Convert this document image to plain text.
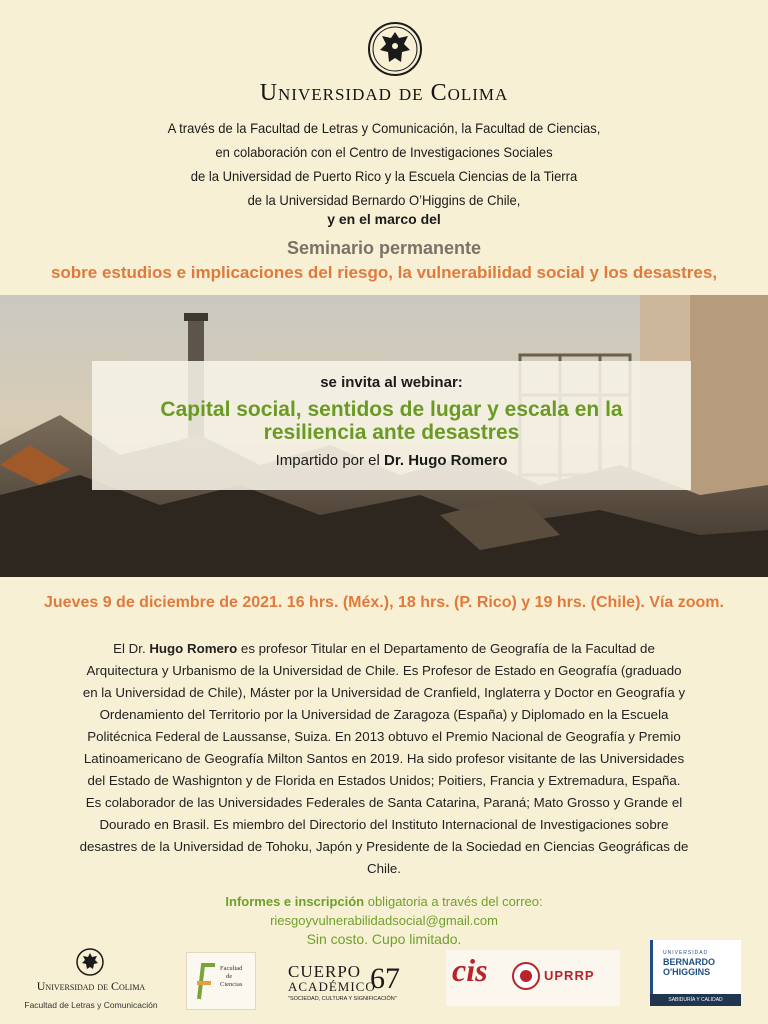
Universidad de Colima
A través de la Facultad de Letras y Comunicación, la Facultad de Ciencias,
en colaboración con el Centro de Investigaciones Sociales
de la Universidad de Puerto Rico y la Escuela Ciencias de la Tierra
de la Universidad Bernardo O’Higgins de Chile,
y en el marco del
Seminario permanente
sobre estudios e implicaciones del riesgo, la vulnerabilidad social y los desastres,
se invita al webinar:
Capital social, sentidos de lugar y escala en la
resiliencia ante desastres
Impartido por el Dr. Hugo Romero
Jueves 9 de diciembre de 2021. 16 hrs. (Méx.), 18 hrs. (P. Rico) y 19 hrs. (Chile). Vía zoom.
El Dr. Hugo Romero es profesor Titular en el Departamento de Geografía de la Facultad de Arquitectura y Urbanismo de la Universidad de Chile. Es Profesor de Estado en Geografía (graduado en la Universidad de Chile), Máster por la Universidad de Cranfield, Inglaterra y Doctor en Geografía y Ordenamiento del Territorio por la Universidad de Zaragoza (España) y Diplomado en la Escuela Politécnica Federal de Laussanse, Suiza. En 2013 obtuvo el Premio Nacional de Geografía y Premio Latinoamericano de Geografía Milton Santos en 2019. Ha sido profesor visitante de las Universidades del Estado de Washignton y de Florida en Estados Unidos; Poitiers, Francia y Extremadura, España. Es colaborador de las Universidades Federales de Santa Catarina, Paraná; Mato Grosso y Grande el Dourado en Brasil. Es miembro del Directorio del Instituto Internacional de Investigaciones sobre desastres de la Universidad de Tohoku, Japón y Presidente de la Sociedad en Ciencias Geográficas de Chile.
Informes e inscripción obligatoria a través del correo:
riesgoyvulnerabilidadsocial@gmail.com
Sin costo. Cupo limitado.
Universidad de Colima
Facultad de Letras y Comunicación
Facultad
de
Ciencias
CUERPO
ACADÉMICO
67
"SOCIEDAD, CULTURA Y SIGNIFICACIÓN"
cis	UPRRP
UNIVERSIDAD
BERNARDO
O'HIGGINS
SABIDURÍA Y CALIDAD
